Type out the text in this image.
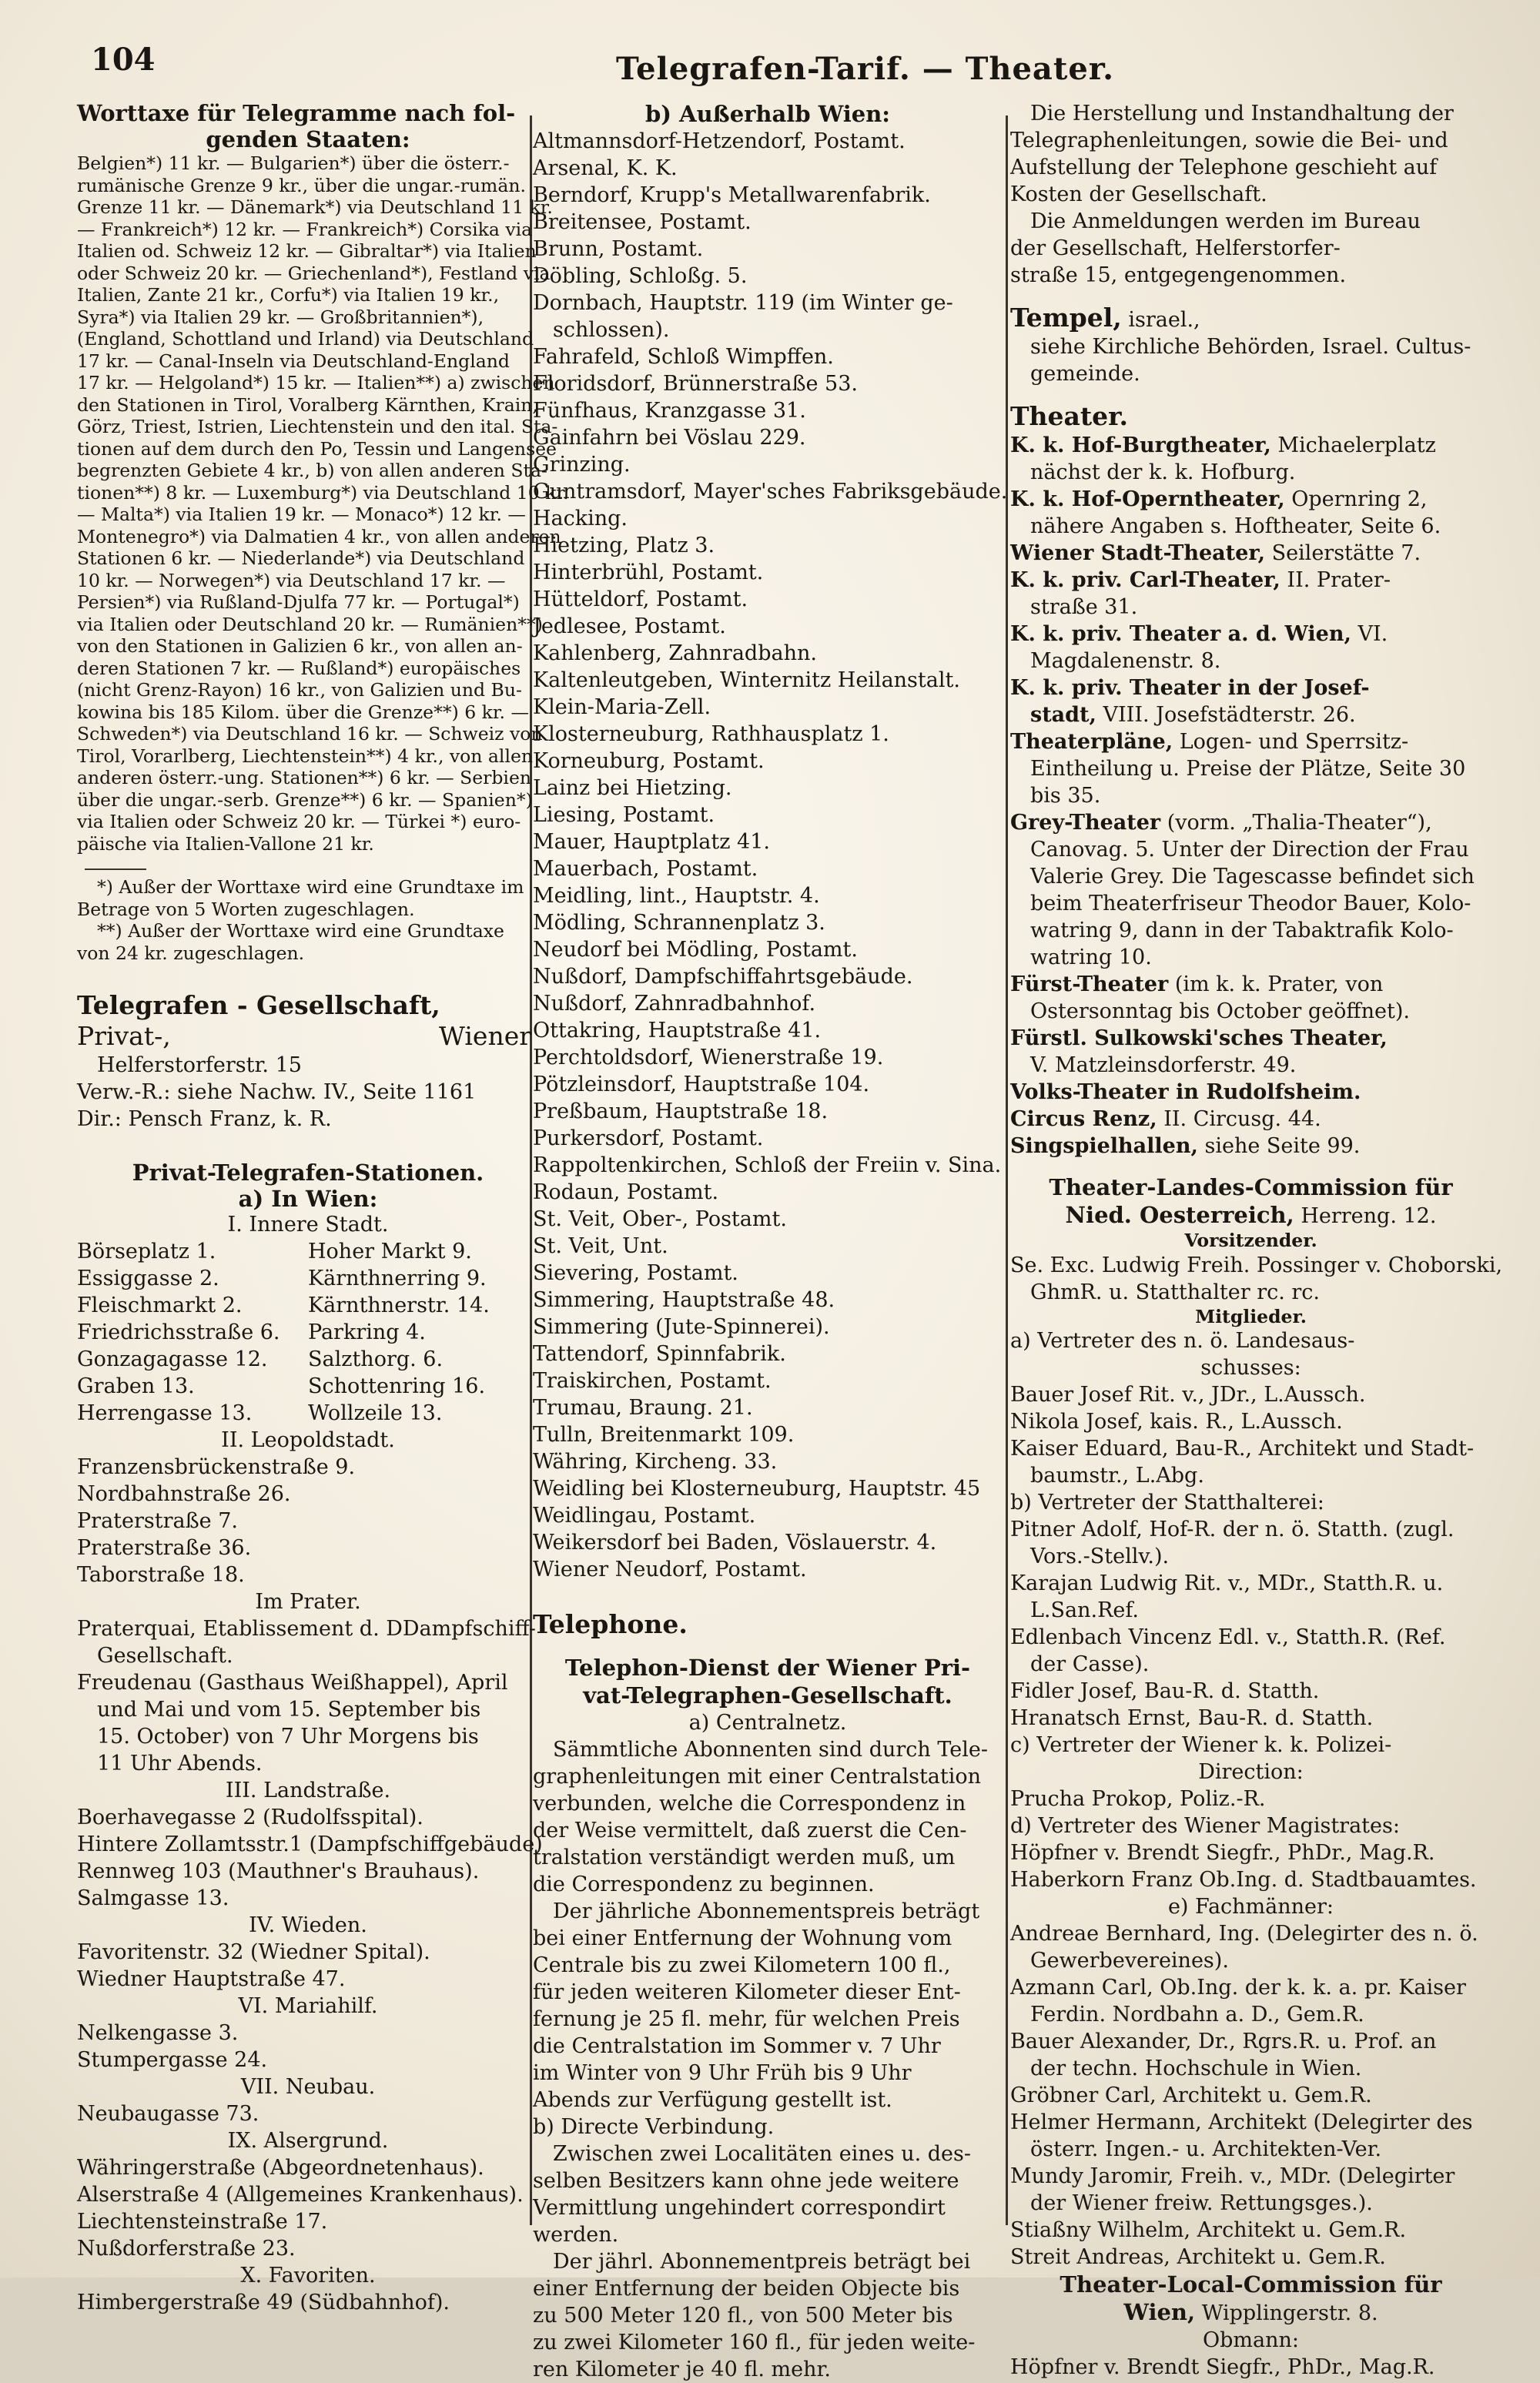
104	Telegrafen-Tarif. — Theater.
Worttaxe für Telegramme nach fol-
genden Staaten:
Belgien*) 11 kr. — Bulgarien*) über die österr.-
rumänische Grenze 9 kr., über die ungar.-rumän.
Grenze 11 kr. — Dänemark*) via Deutschland 11 kr.
— Frankreich*) 12 kr. — Frankreich*) Corsika via
Italien od. Schweiz 12 kr. — Gibraltar*) via Italien
oder Schweiz 20 kr. — Griechenland*), Festland via
Italien, Zante 21 kr., Corfu*) via Italien 19 kr.,
Syra*) via Italien 29 kr. — Großbritannien*),
(England, Schottland und Irland) via Deutschland
17 kr. — Canal-Inseln via Deutschland-England
17 kr. — Helgoland*) 15 kr. — Italien**) a) zwischen
den Stationen in Tirol, Voralberg Kärnthen, Krain,
Görz, Triest, Istrien, Liechtenstein und den ital. Sta-
tionen auf dem durch den Po, Tessin und Langensee
begrenzten Gebiete 4 kr., b) von allen anderen Sta-
tionen**) 8 kr. — Luxemburg*) via Deutschland 10 kr.
— Malta*) via Italien 19 kr. — Monaco*) 12 kr. —
Montenegro*) via Dalmatien 4 kr., von allen anderen
Stationen 6 kr. — Niederlande*) via Deutschland
10 kr. — Norwegen*) via Deutschland 17 kr. —
Persien*) via Rußland-Djulfa 77 kr. — Portugal*)
via Italien oder Deutschland 20 kr. — Rumänien**)
von den Stationen in Galizien 6 kr., von allen an-
deren Stationen 7 kr. — Rußland*) europäisches
(nicht Grenz-Rayon) 16 kr., von Galizien und Bu-
kowina bis 185 Kilom. über die Grenze**) 6 kr. —
Schweden*) via Deutschland 16 kr. — Schweiz von
Tirol, Vorarlberg, Liechtenstein**) 4 kr., von allen
anderen österr.-ung. Stationen**) 6 kr. — Serbien
über die ungar.-serb. Grenze**) 6 kr. — Spanien*)
via Italien oder Schweiz 20 kr. — Türkei *) euro-
päische via Italien-Vallone 21 kr.
*) Außer der Worttaxe wird eine Grundtaxe im
Betrage von 5 Worten zugeschlagen.
**) Außer der Worttaxe wird eine Grundtaxe
von 24 kr. zugeschlagen.
Telegrafen - Gesellschaft,
Wiener
Privat-,
Helferstorferstr. 15
Verw.-R.: siehe Nachw. IV., Seite 1161
Dir.: Pensch Franz, k. R.
Privat-Telegrafen-Stationen.
a) In Wien:
I. Innere Stadt.
Börseplatz 1.	Hoher Markt 9.
Essiggasse 2.	Kärnthnerring 9.
Fleischmarkt 2.	Kärnthnerstr. 14.
Friedrichsstraße 6.	Parkring 4.
Gonzagagasse 12.	Salzthorg. 6.
Graben 13.	Schottenring 16.
Herrengasse 13.	Wollzeile 13.
II. Leopoldstadt.
Franzensbrückenstraße 9.
Nordbahnstraße 26.
Praterstraße 7.
Praterstraße 36.
Taborstraße 18.
Im Prater.
Praterquai, Etablissement d. DDampfschiff-
Gesellschaft.
Freudenau (Gasthaus Weißhappel), April
und Mai und vom 15. September bis
15. October) von 7 Uhr Morgens bis
11 Uhr Abends.
III. Landstraße.
Boerhavegasse 2 (Rudolfsspital).
Hintere Zollamtsstr.1 (Dampfschiffgebäude)
Rennweg 103 (Mauthner's Brauhaus).
Salmgasse 13.
IV. Wieden.
Favoritenstr. 32 (Wiedner Spital).
Wiedner Hauptstraße 47.
VI. Mariahilf.
Nelkengasse 3.
Stumpergasse 24.
VII. Neubau.
Neubaugasse 73.
IX. Alsergrund.
Währingerstraße (Abgeordnetenhaus).
Alserstraße 4 (Allgemeines Krankenhaus).
Liechtensteinstraße 17.
Nußdorferstraße 23.
X. Favoriten.
Himbergerstraße 49 (Südbahnhof).
b) Außerhalb Wien:
Altmannsdorf-Hetzendorf, Postamt.
Arsenal, K. K.
Berndorf, Krupp's Metallwarenfabrik.
Breitensee, Postamt.
Brunn, Postamt.
Döbling, Schloßg. 5.
Dornbach, Hauptstr. 119 (im Winter ge-
schlossen).
Fahrafeld, Schloß Wimpffen.
Floridsdorf, Brünnerstraße 53.
Fünfhaus, Kranzgasse 31.
Gainfahrn bei Vöslau 229.
Grinzing.
Guntramsdorf, Mayer'sches Fabriksgebäude.
Hacking.
Hietzing, Platz 3.
Hinterbrühl, Postamt.
Hütteldorf, Postamt.
Jedlesee, Postamt.
Kahlenberg, Zahnradbahn.
Kaltenleutgeben, Winternitz Heilanstalt.
Klein-Maria-Zell.
Klosterneuburg, Rathhausplatz 1.
Korneuburg, Postamt.
Lainz bei Hietzing.
Liesing, Postamt.
Mauer, Hauptplatz 41.
Mauerbach, Postamt.
Meidling, lint., Hauptstr. 4.
Mödling, Schrannenplatz 3.
Neudorf bei Mödling, Postamt.
Nußdorf, Dampfschiffahrtsgebäude.
Nußdorf, Zahnradbahnhof.
Ottakring, Hauptstraße 41.
Perchtoldsdorf, Wienerstraße 19.
Pötzleinsdorf, Hauptstraße 104.
Preßbaum, Hauptstraße 18.
Purkersdorf, Postamt.
Rappoltenkirchen, Schloß der Freiin v. Sina.
Rodaun, Postamt.
St. Veit, Ober-, Postamt.
St. Veit, Unt.
Sievering, Postamt.
Simmering, Hauptstraße 48.
Simmering (Jute-Spinnerei).
Tattendorf, Spinnfabrik.
Traiskirchen, Postamt.
Trumau, Braung. 21.
Tulln, Breitenmarkt 109.
Währing, Kircheng. 33.
Weidling bei Klosterneuburg, Hauptstr. 45
Weidlingau, Postamt.
Weikersdorf bei Baden, Vöslauerstr. 4.
Wiener Neudorf, Postamt.
Telephone.
Telephon-Dienst der Wiener Pri-
vat-Telegraphen-Gesellschaft.
a) Centralnetz.
Sämmtliche Abonnenten sind durch Tele-
graphenleitungen mit einer Centralstation
verbunden, welche die Correspondenz in
der Weise vermittelt, daß zuerst die Cen-
tralstation verständigt werden muß, um
die Correspondenz zu beginnen.
Der jährliche Abonnementspreis beträgt
bei einer Entfernung der Wohnung vom
Centrale bis zu zwei Kilometern 100 fl.,
für jeden weiteren Kilometer dieser Ent-
fernung je 25 fl. mehr, für welchen Preis
die Centralstation im Sommer v. 7 Uhr
im Winter von 9 Uhr Früh bis 9 Uhr
Abends zur Verfügung gestellt ist.
b) Directe Verbindung.
Zwischen zwei Localitäten eines u. des-
selben Besitzers kann ohne jede weitere
Vermittlung ungehindert correspondirt
werden.
Der jährl. Abonnementpreis beträgt bei
einer Entfernung der beiden Objecte bis
zu 500 Meter 120 fl., von 500 Meter bis
zu zwei Kilometer 160 fl., für jeden weite-
ren Kilometer je 40 fl. mehr.
Die Herstellung und Instandhaltung der
Telegraphenleitungen, sowie die Bei- und
Aufstellung der Telephone geschieht auf
Kosten der Gesellschaft.
Die Anmeldungen werden im Bureau
der Gesellschaft, Helferstorfer-
straße 15, entgegengenommen.
Tempel, israel.,
siehe Kirchliche Behörden, Israel. Cultus-
gemeinde.
Theater.
K. k. Hof-Burgtheater, Michaelerplatz
nächst der k. k. Hofburg.
K. k. Hof-Operntheater, Opernring 2,
nähere Angaben s. Hoftheater, Seite 6.
Wiener Stadt-Theater, Seilerstätte 7.
K. k. priv. Carl-Theater, II. Prater-
straße 31.
K. k. priv. Theater a. d. Wien, VI.
Magdalenenstr. 8.
K. k. priv. Theater in der Josef-
stadt, VIII. Josefstädterstr. 26.
Theaterpläne, Logen- und Sperrsitz-
Eintheilung u. Preise der Plätze, Seite 30
bis 35.
Grey-Theater (vorm. „Thalia-Theater“),
Canovag. 5. Unter der Direction der Frau
Valerie Grey. Die Tagescasse befindet sich
beim Theaterfriseur Theodor Bauer, Kolo-
watring 9, dann in der Tabaktrafik Kolo-
watring 10.
Fürst-Theater (im k. k. Prater, von
Ostersonntag bis October geöffnet).
Fürstl. Sulkowski'sches Theater,
V. Matzleinsdorferstr. 49.
Volks-Theater in Rudolfsheim.
Circus Renz, II. Circusg. 44.
Singspielhallen, siehe Seite 99.
Theater-Landes-Commission für
Nied. Oesterreich, Herreng. 12.
Vorsitzender.
Se. Exc. Ludwig Freih. Possinger v. Choborski,
GhmR. u. Statthalter rc. rc.
Mitglieder.
a) Vertreter des n. ö. Landesaus-
schusses:
Bauer Josef Rit. v., JDr., L.Aussch.
Nikola Josef, kais. R., L.Aussch.
Kaiser Eduard, Bau-R., Architekt und Stadt-
baumstr., L.Abg.
b) Vertreter der Statthalterei:
Pitner Adolf, Hof-R. der n. ö. Statth. (zugl.
Vors.-Stellv.).
Karajan Ludwig Rit. v., MDr., Statth.R. u.
L.San.Ref.
Edlenbach Vincenz Edl. v., Statth.R. (Ref.
der Casse).
Fidler Josef, Bau-R. d. Statth.
Hranatsch Ernst, Bau-R. d. Statth.
c) Vertreter der Wiener k. k. Polizei-
Direction:
Prucha Prokop, Poliz.-R.
d) Vertreter des Wiener Magistrates:
Höpfner v. Brendt Siegfr., PhDr., Mag.R.
Haberkorn Franz Ob.Ing. d. Stadtbauamtes.
e) Fachmänner:
Andreae Bernhard, Ing. (Delegirter des n. ö.
Gewerbevereines).
Azmann Carl, Ob.Ing. der k. k. a. pr. Kaiser
Ferdin. Nordbahn a. D., Gem.R.
Bauer Alexander, Dr., Rgrs.R. u. Prof. an
der techn. Hochschule in Wien.
Gröbner Carl, Architekt u. Gem.R.
Helmer Hermann, Architekt (Delegirter des
österr. Ingen.- u. Architekten-Ver.
Mundy Jaromir, Freih. v., MDr. (Delegirter
der Wiener freiw. Rettungsges.).
Stiaßny Wilhelm, Architekt u. Gem.R.
Streit Andreas, Architekt u. Gem.R.
Theater-Local-Commission für
Wien, Wipplingerstr. 8.
Obmann:
Höpfner v. Brendt Siegfr., PhDr., Mag.R.
